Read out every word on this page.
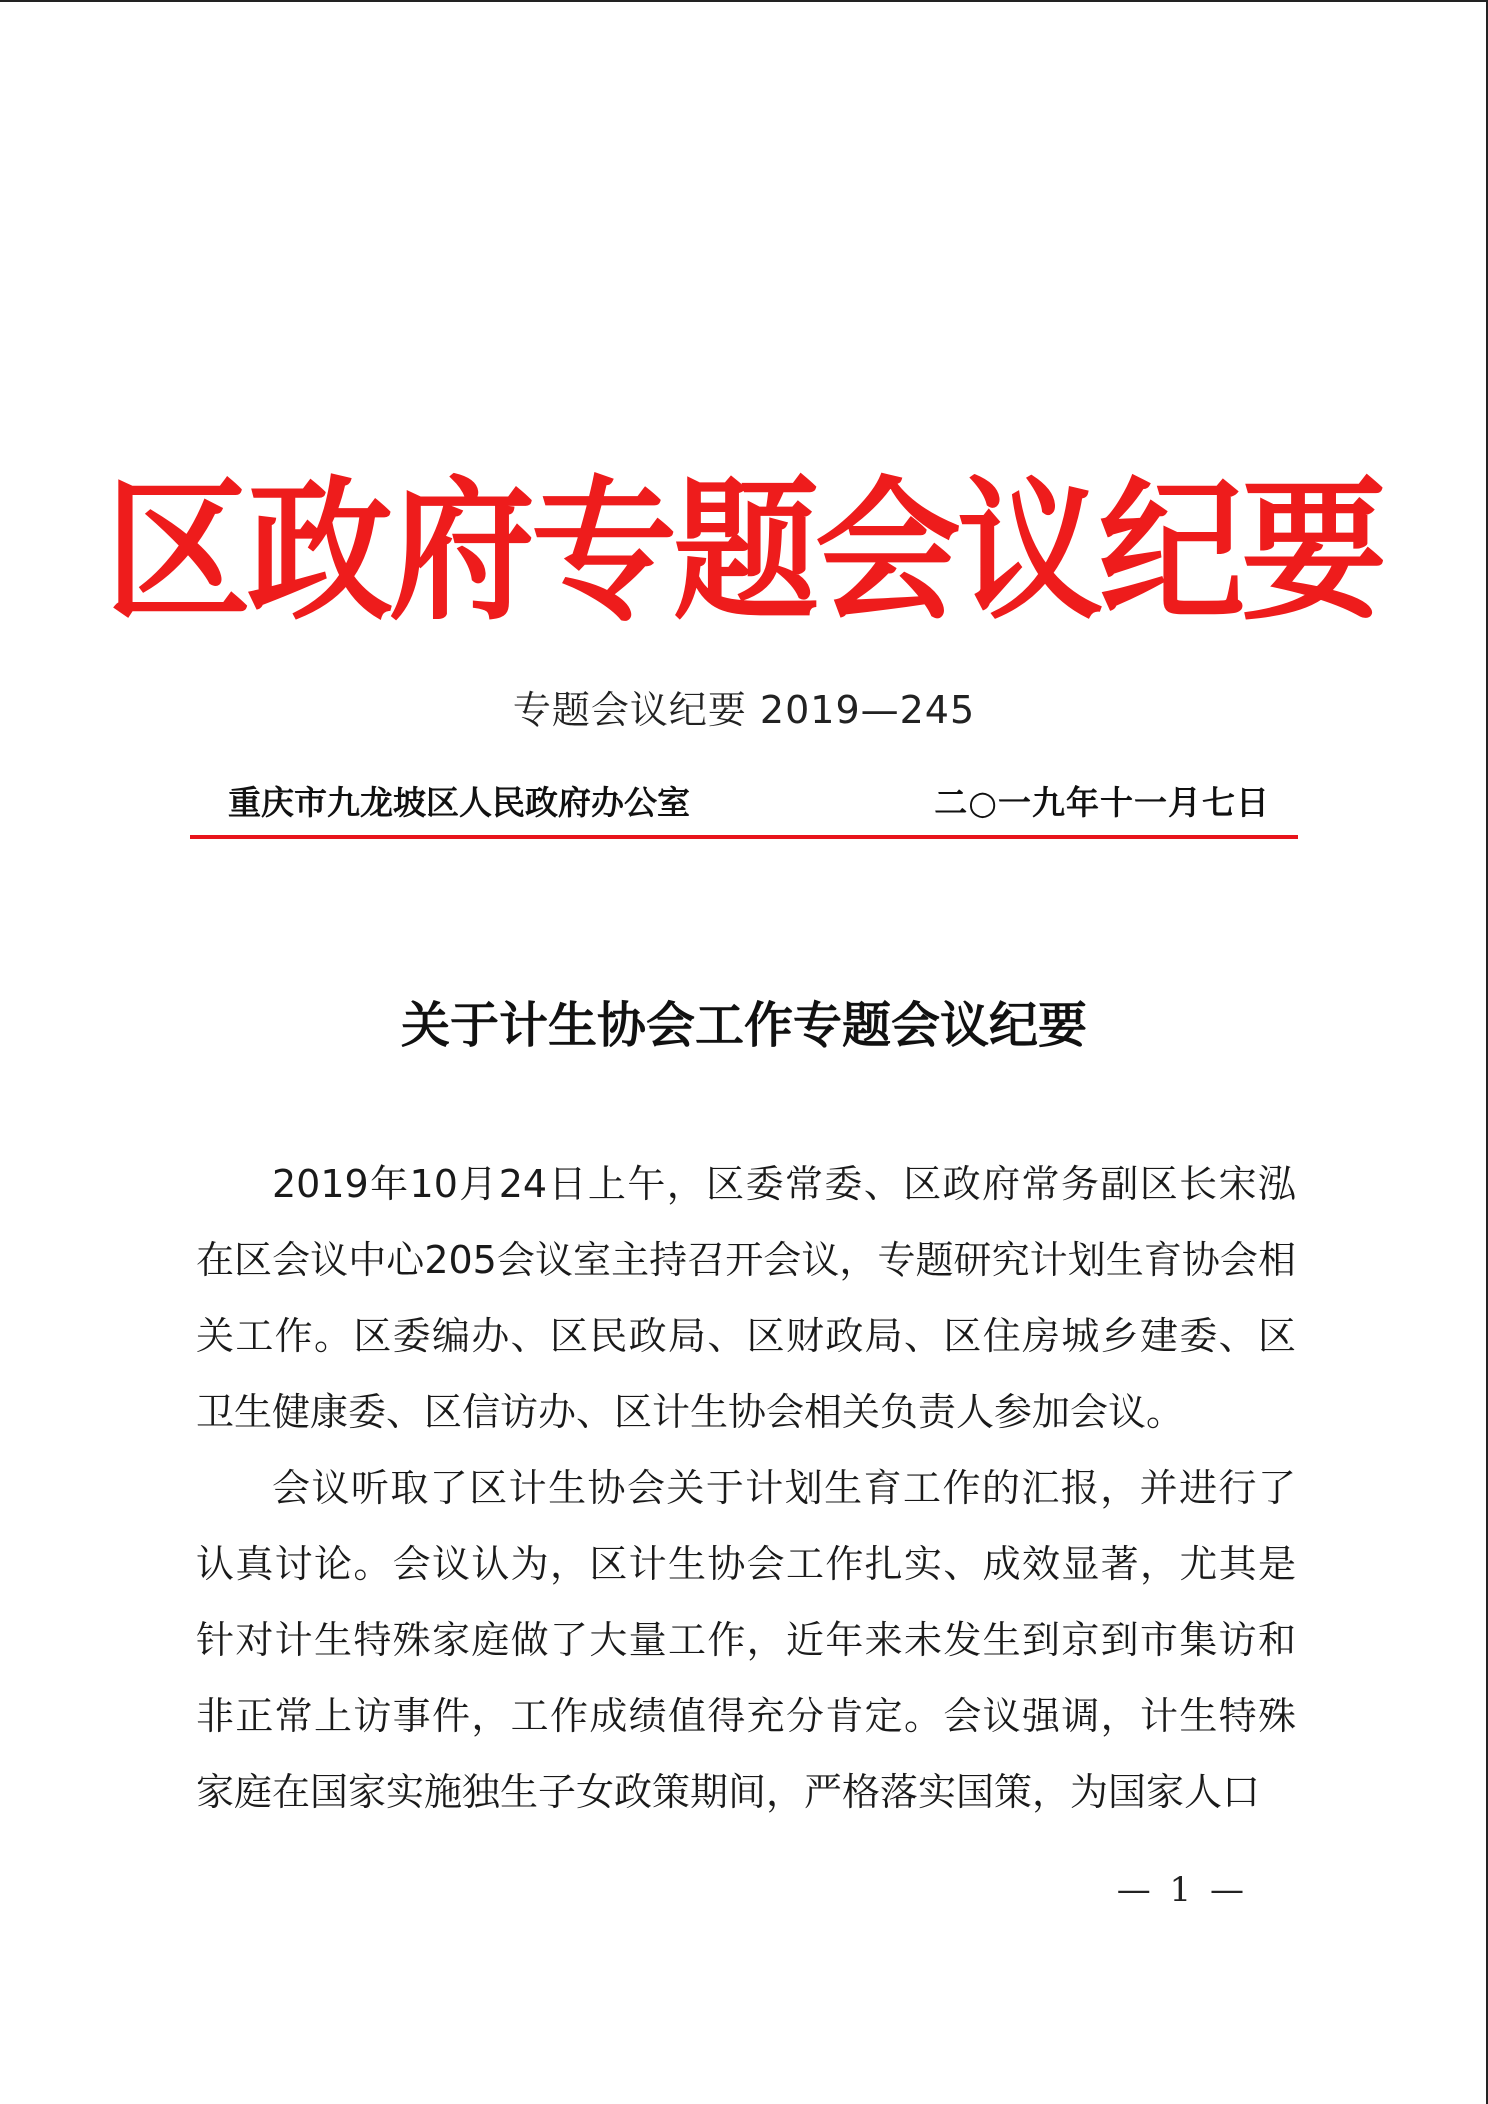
区政府专题会议纪要
专题会议纪要 2019—245
重庆市九龙坡区人民政府办公室	二○一九年十一月七日
关于计生协会工作专题会议纪要

2019年10月24日上午，区委常委、区政府常务副区长宋泓在区会议中心205会议室主持召开会议，专题研究计划生育协会相关工作。区委编办、区民政局、区财政局、区住房城乡建委、区卫生健康委、区信访办、区计生协会相关负责人参加会议。

会议听取了区计生协会关于计划生育工作的汇报，并进行了认真讨论。会议认为，区计生协会工作扎实、成效显著，尤其是针对计生特殊家庭做了大量工作，近年来未发生到京到市集访和非正常上访事件，工作成绩值得充分肯定。会议强调，计生特殊家庭在国家实施独生子女政策期间，严格落实国策，为国家人口

— 1 —
